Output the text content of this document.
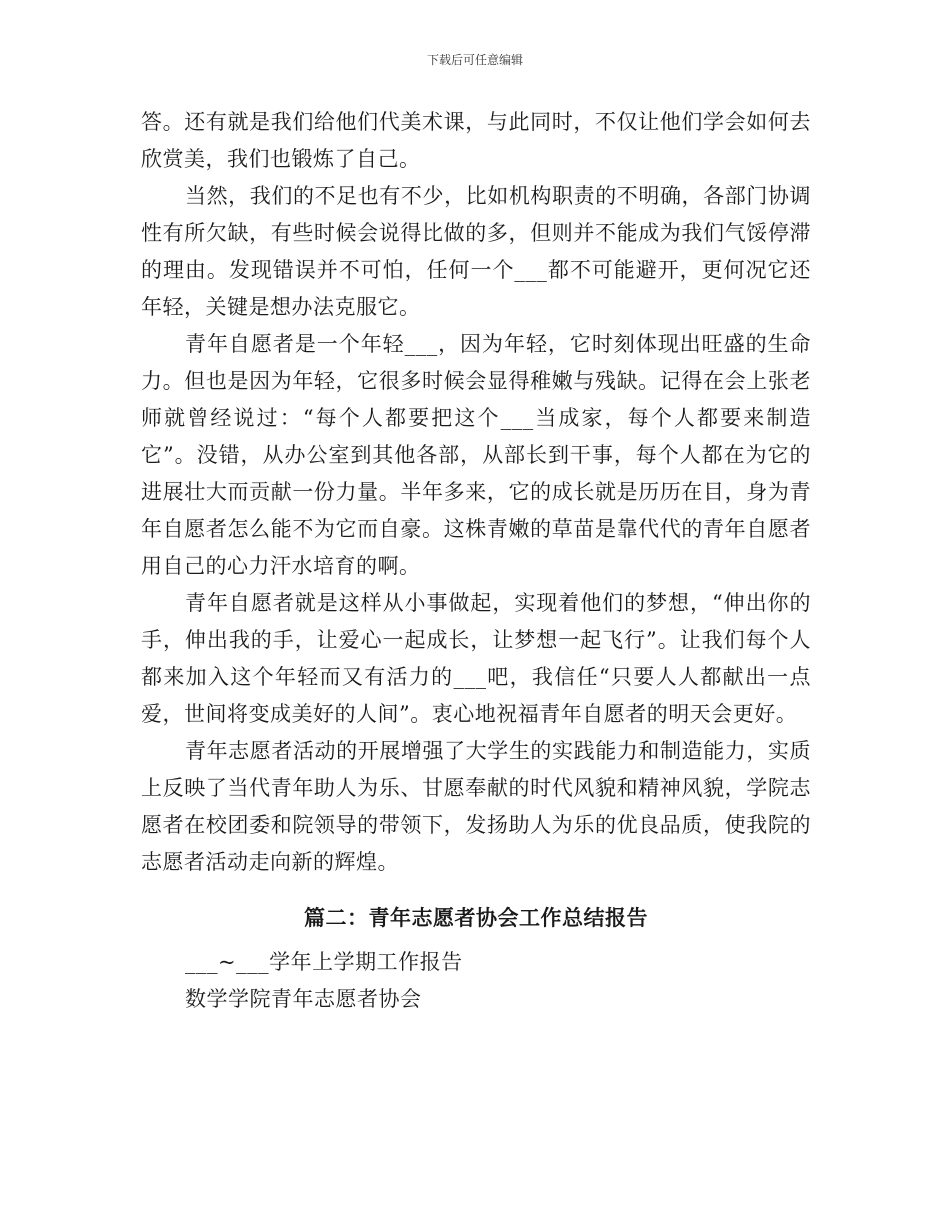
下载后可任意编辑

答。还有就是我们给他们代美术课，与此同时，不仅让他们学会如何去欣赏美，我们也锻炼了自己。

当然，我们的不足也有不少，比如机构职责的不明确，各部门协调性有所欠缺，有些时候会说得比做的多，但则并不能成为我们气馁停滞的理由。发现错误并不可怕，任何一个___都不可能避开，更何况它还年轻，关键是想办法克服它。

青年自愿者是一个年轻___，因为年轻，它时刻体现出旺盛的生命力。但也是因为年轻，它很多时候会显得稚嫩与残缺。记得在会上张老师就曾经说过：“每个人都要把这个___当成家，每个人都要来制造它”。没错，从办公室到其他各部，从部长到干事，每个人都在为它的进展壮大而贡献一份力量。半年多来，它的成长就是历历在目，身为青年自愿者怎么能不为它而自豪。这株青嫩的草苗是靠代代的青年自愿者用自己的心力汗水培育的啊。

青年自愿者就是这样从小事做起，实现着他们的梦想，“伸出你的手，伸出我的手，让爱心一起成长，让梦想一起飞行”。让我们每个人都来加入这个年轻而又有活力的___吧，我信任“只要人人都献出一点爱，世间将变成美好的人间”。衷心地祝福青年自愿者的明天会更好。

青年志愿者活动的开展增强了大学生的实践能力和制造能力，实质上反映了当代青年助人为乐、甘愿奉献的时代风貌和精神风貌，学院志愿者在校团委和院领导的带领下，发扬助人为乐的优良品质，使我院的志愿者活动走向新的辉煌。

篇二：青年志愿者协会工作总结报告

___~___学年上学期工作报告

数学学院青年志愿者协会
